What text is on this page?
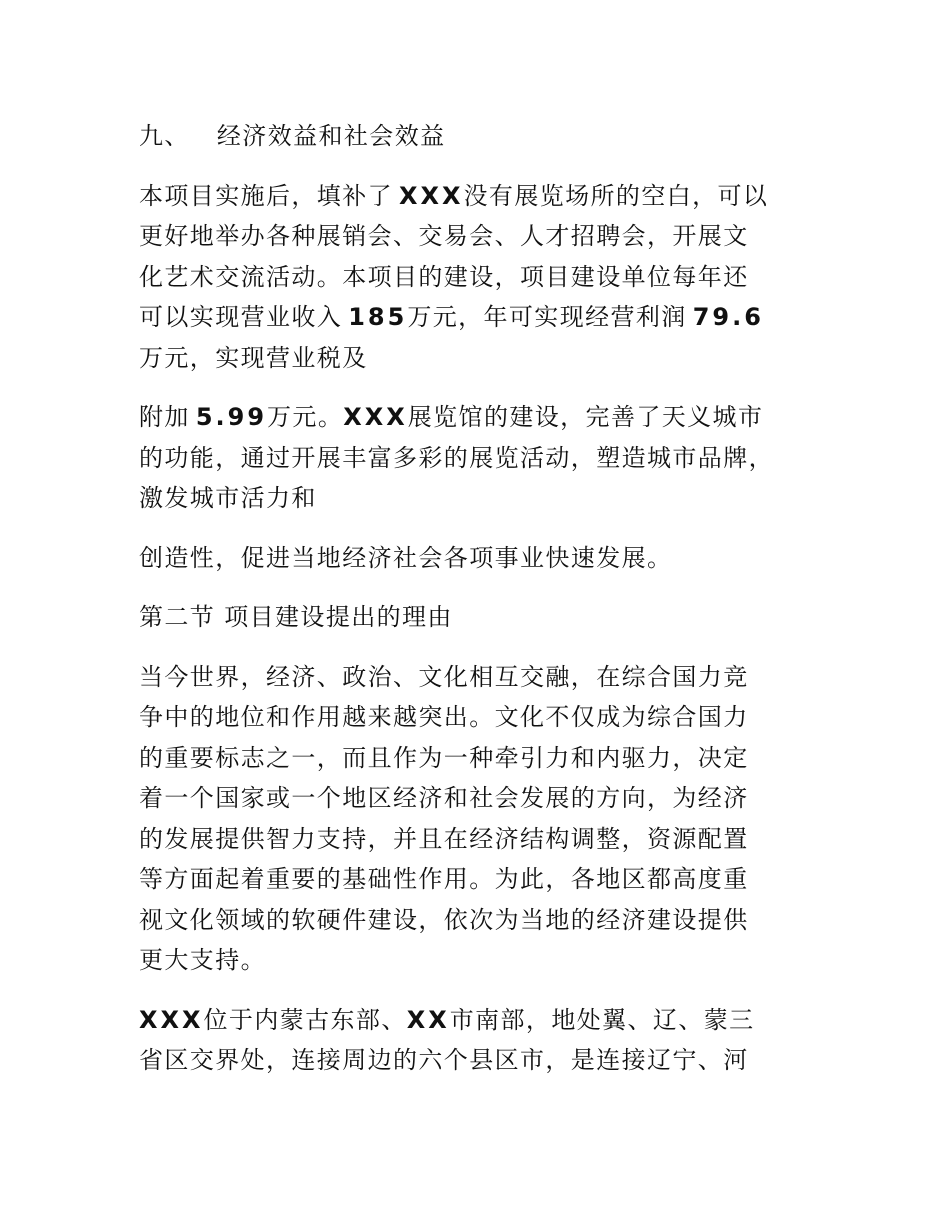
九、 经济效益和社会效益

本项目实施后，填补了 XXX没有展览场所的空白，可以
更好地举办各种展销会、交易会、人才招聘会，开展文
化艺术交流活动。本项目的建设，项目建设单位每年还
可以实现营业收入 185万元，年可实现经营利润 79.6
万元，实现营业税及

附加 5.99万元。XXX展览馆的建设，完善了天义城市
的功能，通过开展丰富多彩的展览活动，塑造城市品牌，
激发城市活力和

创造性，促进当地经济社会各项事业快速发展。

第二节 项目建设提出的理由

当今世界，经济、政治、文化相互交融，在综合国力竞
争中的地位和作用越来越突出。文化不仅成为综合国力
的重要标志之一，而且作为一种牵引力和内驱力，决定
着一个国家或一个地区经济和社会发展的方向，为经济
的发展提供智力支持，并且在经济结构调整，资源配置
等方面起着重要的基础性作用。为此，各地区都高度重
视文化领域的软硬件建设，依次为当地的经济建设提供
更大支持。

XXX位于内蒙古东部、XX市南部，地处翼、辽、蒙三
省区交界处，连接周边的六个县区市，是连接辽宁、河
